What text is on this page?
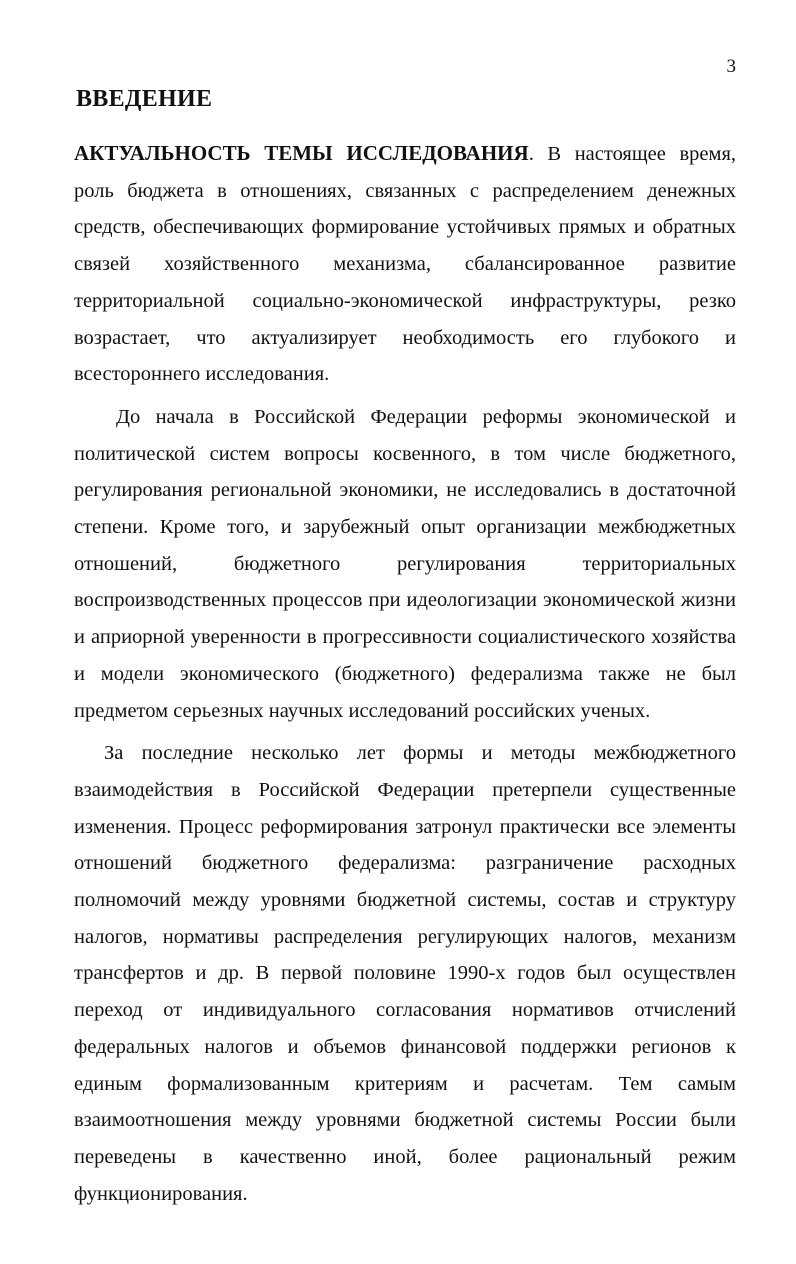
3
ВВЕДЕНИЕ

АКТУАЛЬНОСТЬ ТЕМЫ ИССЛЕДОВАНИЯ. В настоящее время, роль бюджета в отношениях, связанных с распределением денежных средств, обеспечивающих формирование устойчивых прямых и обратных связей хозяйственного механизма, сбалансированное развитие территориальной социально-экономической инфраструктуры, резко возрастает, что актуализирует необходимость его глубокого и всестороннего исследования.

До начала в Российской Федерации реформы экономической и политической систем вопросы косвенного, в том числе бюджетного, регулирования региональной экономики, не исследовались в достаточной степени. Кроме того, и зарубежный опыт организации межбюджетных отношений, бюджетного регулирования территориальных воспроизводственных процессов при идеологизации экономической жизни и априорной уверенности в прогрессивности социалистического хозяйства и модели экономического (бюджетного) федерализма также не был предметом серьезных научных исследований российских ученых.

За последние несколько лет формы и методы межбюджетного взаимодействия в Российской Федерации претерпели существенные изменения. Процесс реформирования затронул практически все элементы отношений бюджетного федерализма: разграничение расходных полномочий между уровнями бюджетной системы, состав и структуру налогов, нормативы распределения регулирующих налогов, механизм трансфертов и др. В первой половине 1990-х годов был осуществлен переход от индивидуального согласования нормативов отчислений федеральных налогов и объемов финансовой поддержки регионов к единым формализованным критериям и расчетам. Тем самым взаимоотношения между уровнями бюджетной системы России были переведены в качественно иной, более рациональный режим функционирования.
